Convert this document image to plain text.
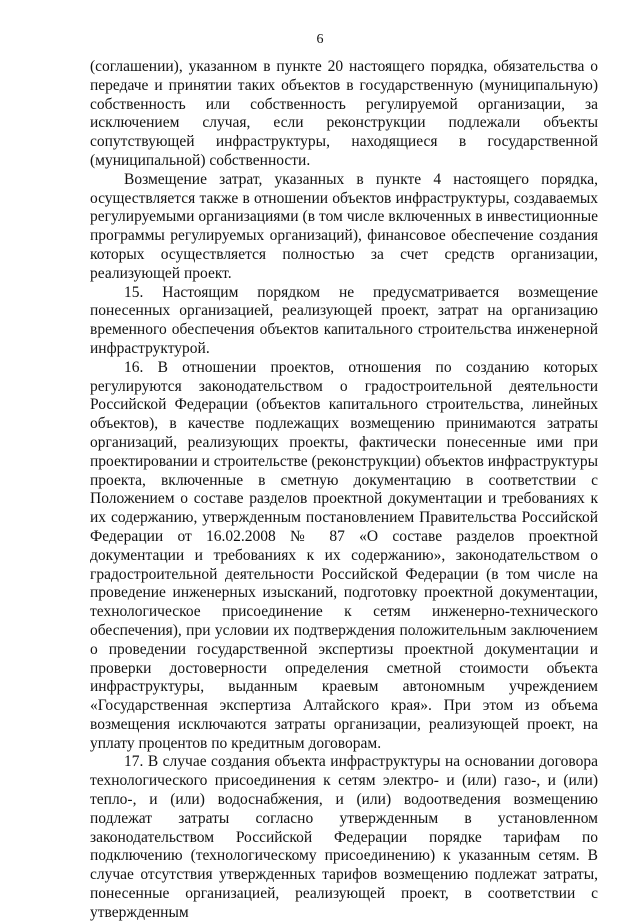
6

(соглашении), указанном в пункте 20 настоящего порядка, обязательства о передаче и принятии таких объектов в государственную (муниципальную) собственность или собственность регулируемой организации, за исключением случая, если реконструкции подлежали объекты сопутствующей инфраструктуры, находящиеся в государственной (муниципальной) собственности.

Возмещение затрат, указанных в пункте 4 настоящего порядка, осуществляется также в отношении объектов инфраструктуры, создаваемых регулируемыми организациями (в том числе включенных в инвестиционные программы регулируемых организаций), финансовое обеспечение создания которых осуществляется полностью за счет средств организации, реализующей проект.

15. Настоящим порядком не предусматривается возмещение понесенных организацией, реализующей проект, затрат на организацию временного обеспечения объектов капитального строительства инженерной инфраструктурой.

16. В отношении проектов, отношения по созданию которых регулируются законодательством о градостроительной деятельности Российской Федерации (объектов капитального строительства, линейных объектов), в качестве подлежащих возмещению принимаются затраты организаций, реализующих проекты, фактически понесенные ими при проектировании и строительстве (реконструкции) объектов инфраструктуры проекта, включенные в сметную документацию в соответствии с Положением о составе разделов проектной документации и требованиях к их содержанию, утвержденным постановлением Правительства Российской Федерации от 16.02.2008 № 87 «О составе разделов проектной документации и требованиях к их содержанию», законодательством о градостроительной деятельности Российской Федерации (в том числе на проведение инженерных изысканий, подготовку проектной документации, технологическое присоединение к сетям инженерно-технического обеспечения), при условии их подтверждения положительным заключением о проведении государственной экспертизы проектной документации и проверки достоверности определения сметной стоимости объекта инфраструктуры, выданным краевым автономным учреждением «Государственная экспертиза Алтайского края». При этом из объема возмещения исключаются затраты организации, реализующей проект, на уплату процентов по кредитным договорам.

17. В случае создания объекта инфраструктуры на основании договора технологического присоединения к сетям электро- и (или) газо-, и (или) тепло-, и (или) водоснабжения, и (или) водоотведения возмещению подлежат затраты согласно утвержденным в установленном законодательством Российской Федерации порядке тарифам по подключению (технологическому присоединению) к указанным сетям. В случае отсутствия утвержденных тарифов возмещению подлежат затраты, понесенные организацией, реализующей проект, в соответствии с утвержденным
